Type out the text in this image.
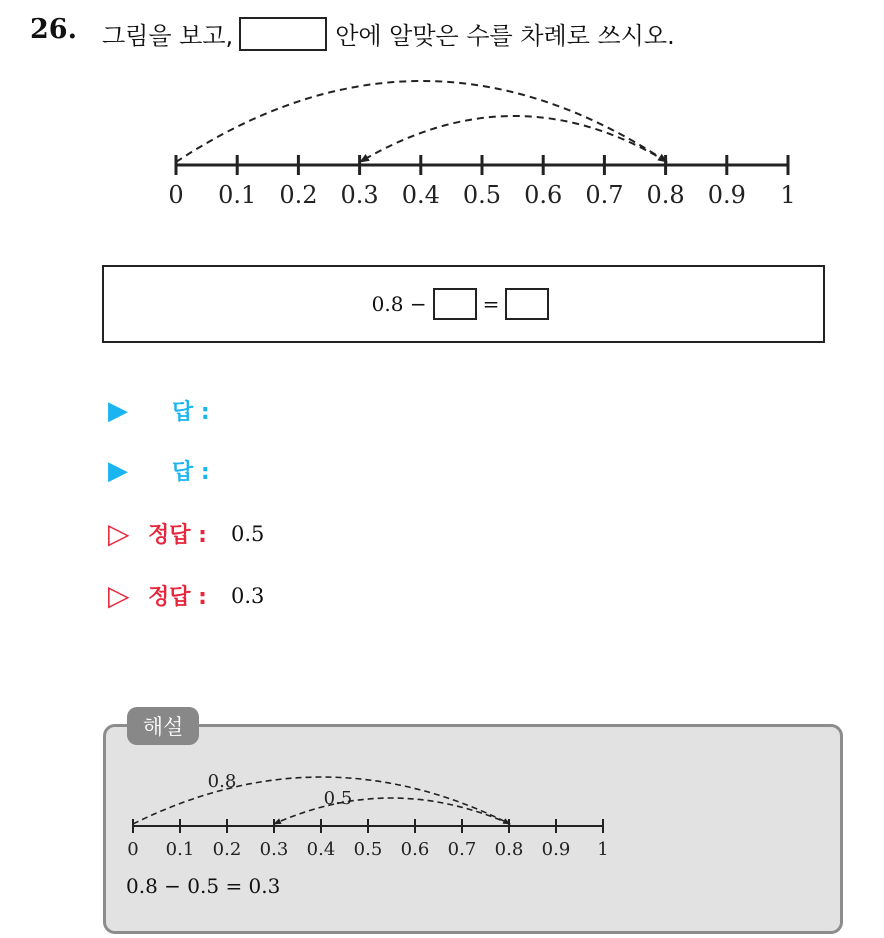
26. 그림을 보고,	안에 알맞은 수를 차례로 쓰시오.
0 0.1 0.2 0.3 0.4 0.5 0.6 0.7 0.8 0.9 1
0.8 −	=
▶	답 :
▶	답 :
▷ 정답 : 0.5
▷ 정답 : 0.3
해설
0 0.1 0.2 0.3 0.4 0.5 0.6 0.7 0.8 0.9 1
0.8
0.5
0.8 − 0.5 = 0.3
